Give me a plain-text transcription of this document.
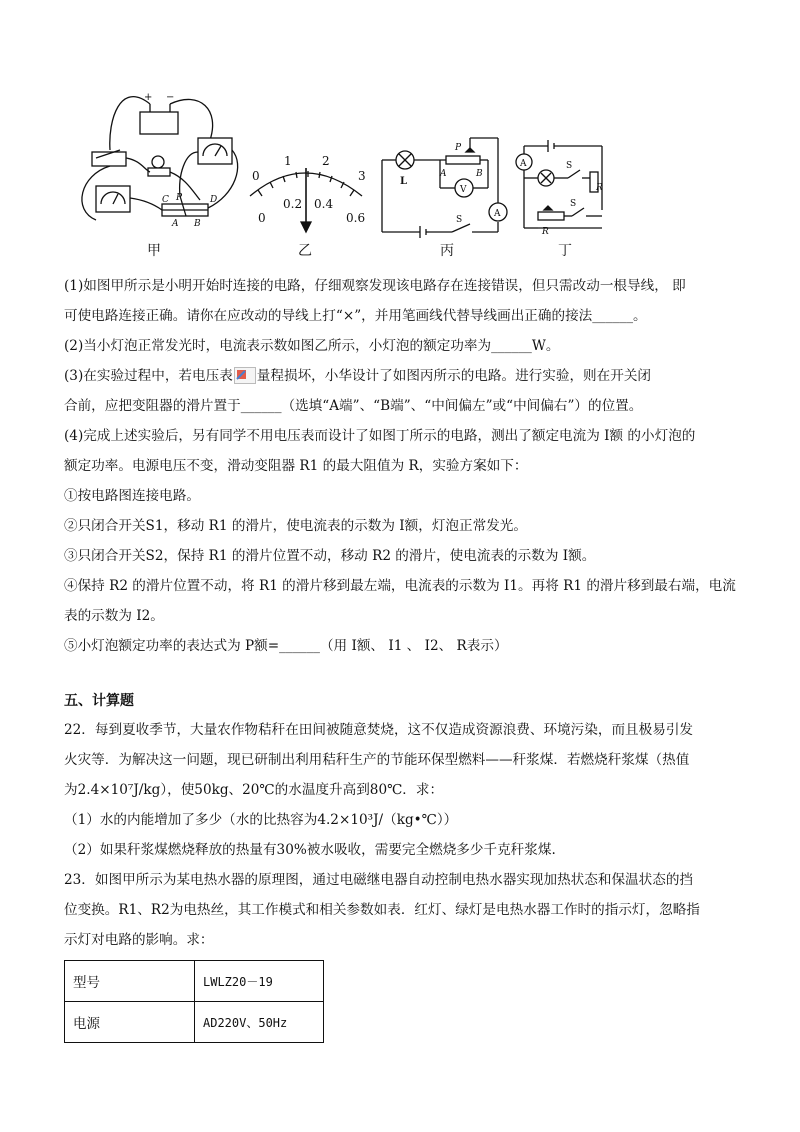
+ −
C P	D
A B
0
1	2
3
0
0.2 0.4
0.6
L
P
A	B
V
A
S
A	S
R
S
R
甲	乙	丙	丁
(1)如图甲所示是小明开始时连接的电路，仔细观察发现该电路存在连接错误，但只需改动一根导线， 即
可使电路连接正确。请你在应改动的导线上打“×”，并用笔画线代替导线画出正确的接法______。
(2)当小灯泡正常发光时，电流表示数如图乙所示，小灯泡的额定功率为______W。
(3)在实验过程中，若电压表 量程损坏，小华设计了如图丙所示的电路。进行实验，则在开关闭
合前，应把变阻器的滑片置于______（选填“A端”、“B端”、“中间偏左”或“中间偏右”）的位置。
(4)完成上述实验后，另有同学不用电压表而设计了如图丁所示的电路，测出了额定电流为 I额 的小灯泡的
额定功率。电源电压不变，滑动变阻器 R1 的最大阻值为 R，实验方案如下：
①按电路图连接电路。
②只闭合开关S1，移动 R1 的滑片，使电流表的示数为 I额，灯泡正常发光。
③只闭合开关S2，保持 R1 的滑片位置不动，移动 R2 的滑片，使电流表的示数为 I额。
④保持 R2 的滑片位置不动，将 R1 的滑片移到最左端，电流表的示数为 I1。再将 R1 的滑片移到最右端，电流
表的示数为 I2。
⑤小灯泡额定功率的表达式为 P额=______（用 I额、 I1 、 I2、 R表示）
五、计算题
22．每到夏收季节，大量农作物秸秆在田间被随意焚烧，这不仅造成资源浪费、环境污染，而且极易引发
火灾等．为解决这一问题，现已研制出利用秸秆生产的节能环保型燃料——秆浆煤．若燃烧秆浆煤（热值
为2.4×10⁷J/kg），使50kg、20℃的水温度升高到80℃．求：
（1）水的内能增加了多少（水的比热容为4.2×10³J/（kg•℃））
（2）如果秆浆煤燃烧释放的热量有30%被水吸收，需要完全燃烧多少千克秆浆煤.
23．如图甲所示为某电热水器的原理图，通过电磁继电器自动控制电热水器实现加热状态和保温状态的挡
位变换。R1、R2为电热丝，其工作模式和相关参数如表．红灯、绿灯是电热水器工作时的指示灯，忽略指
示灯对电路的影响。求：
型号	LWLZ20－19
电源	AD220V、50Hz
